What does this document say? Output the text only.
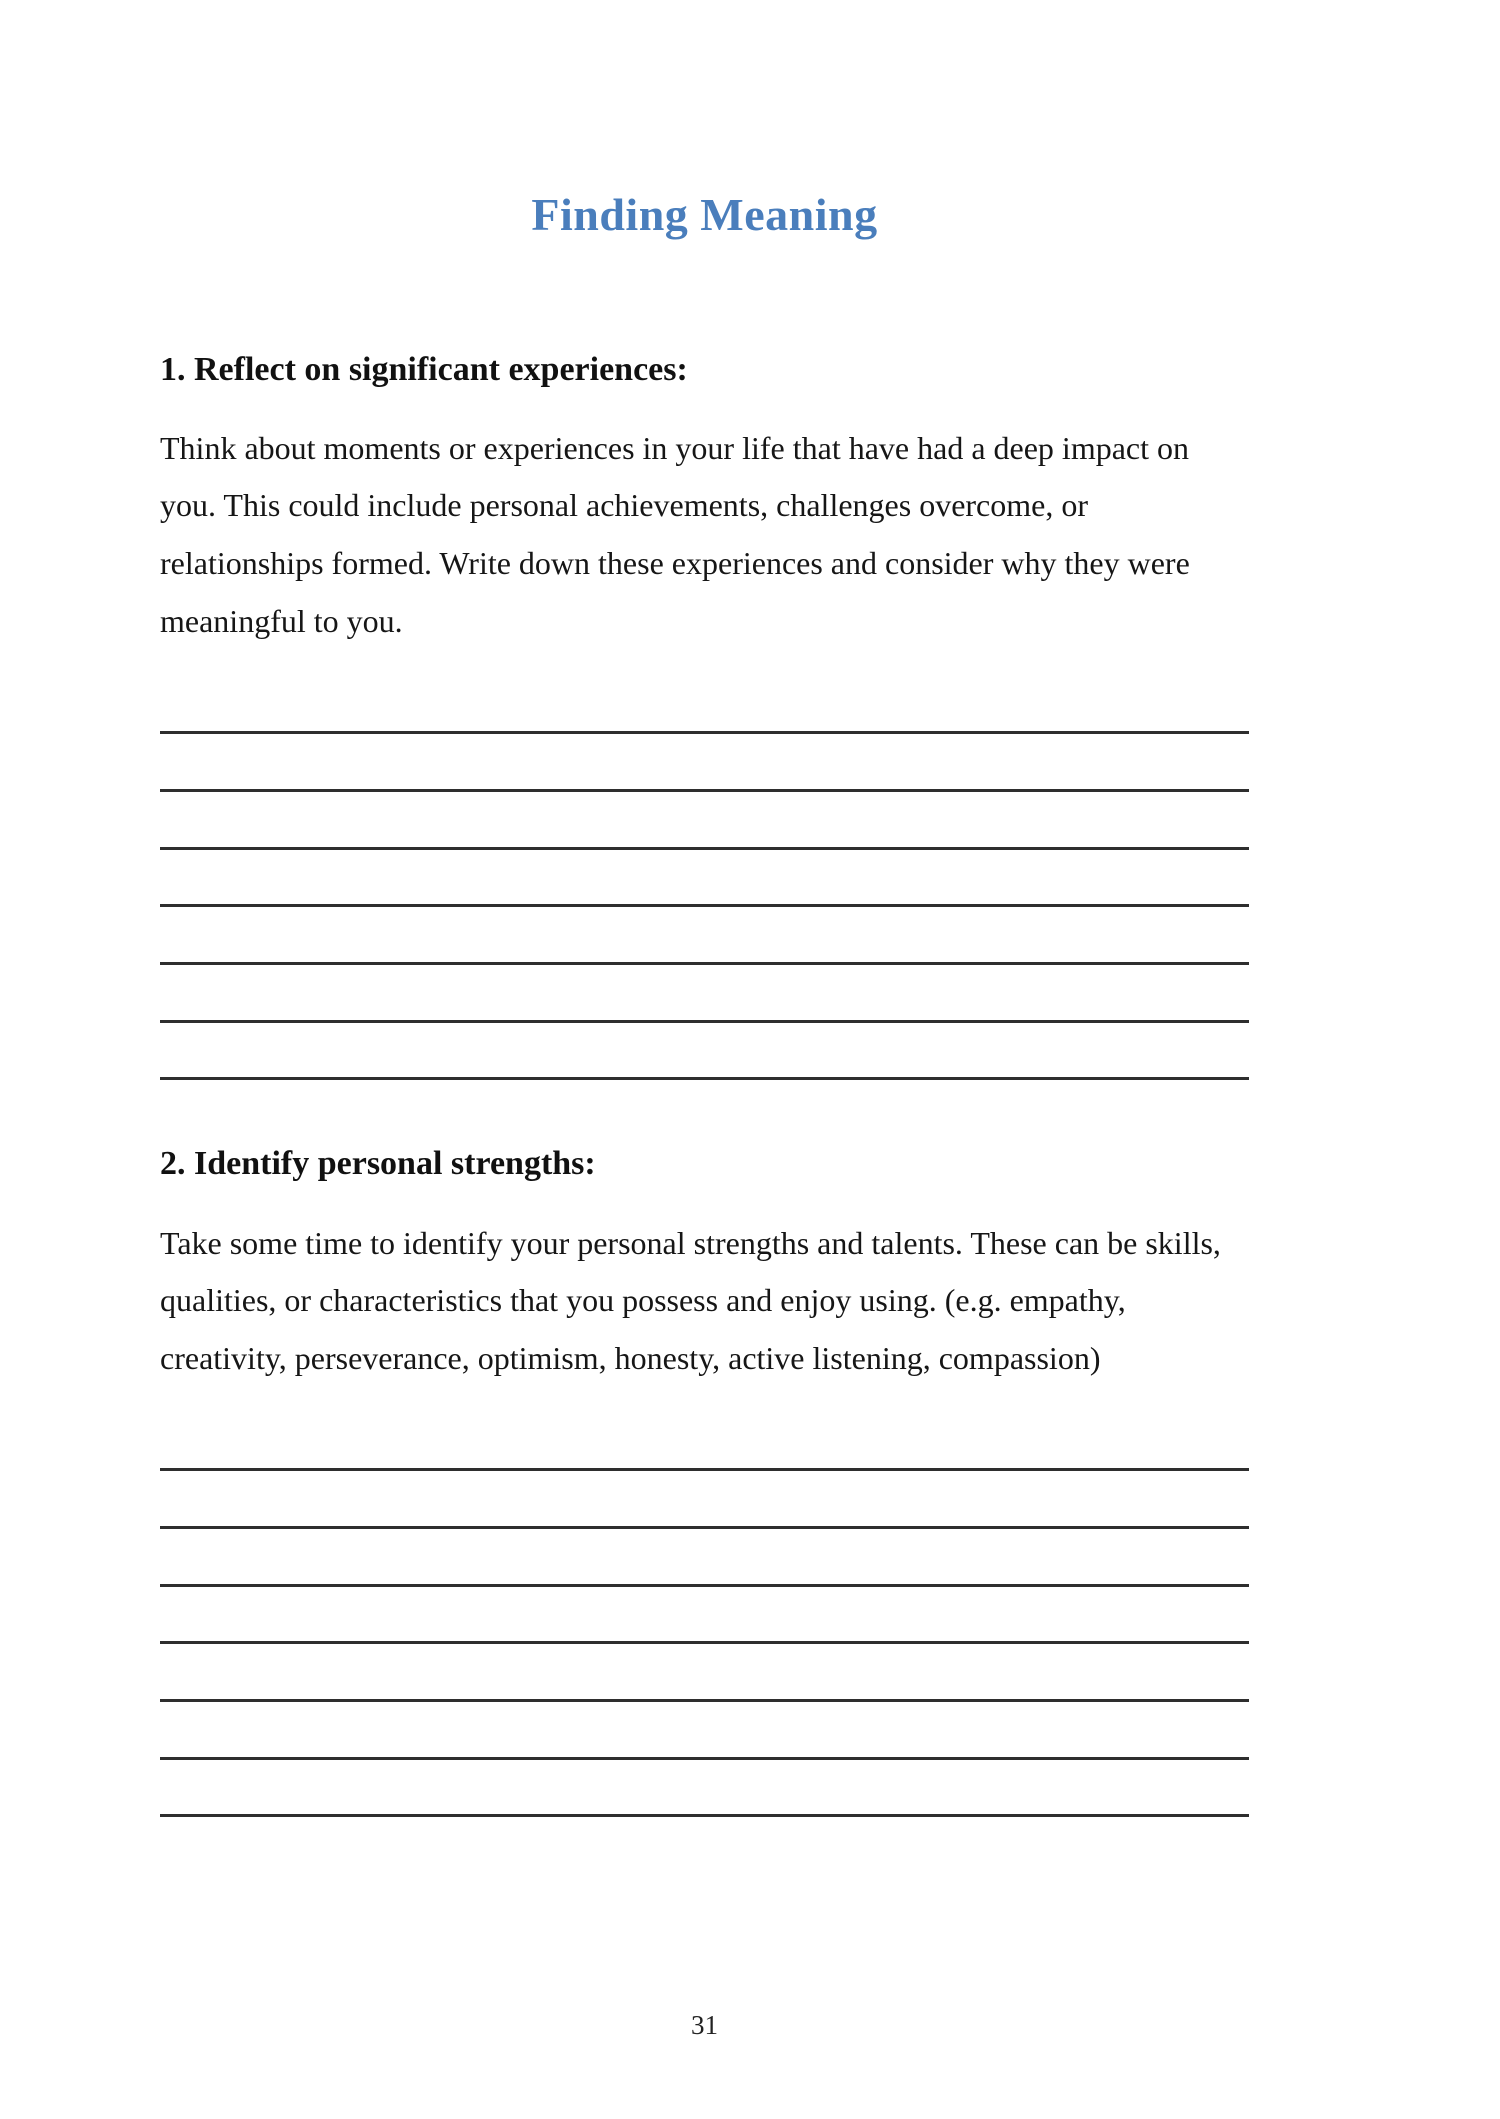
Finding Meaning
1. Reflect on significant experiences:

Think about moments or experiences in your life that have had a deep impact on you. This could include personal achievements, challenges overcome, or relationships formed. Write down these experiences and consider why they were meaningful to you.

2. Identify personal strengths:

Take some time to identify your personal strengths and talents. These can be skills, qualities, or characteristics that you possess and enjoy using. (e.g. empathy, creativity, perseverance, optimism, honesty, active listening, compassion)

31
